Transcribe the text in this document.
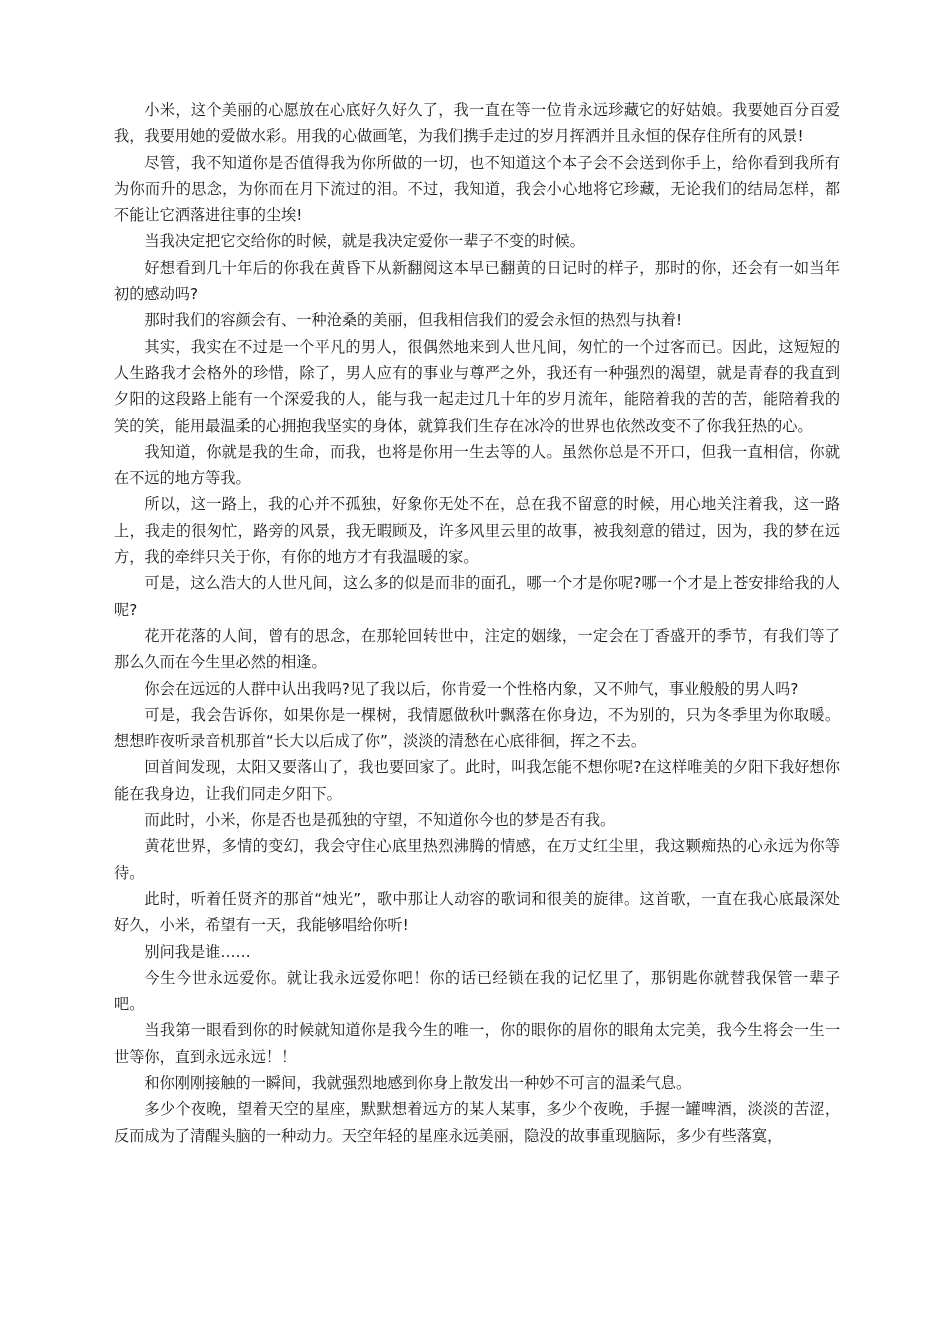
小米，这个美丽的心愿放在心底好久好久了，我一直在等一位肯永远珍藏它的好姑娘。我要她百分百爱我，我要用她的爱做水彩。用我的心做画笔，为我们携手走过的岁月挥洒并且永恒的保存住所有的风景!

尽管，我不知道你是否值得我为你所做的一切，也不知道这个本子会不会送到你手上，给你看到我所有为你而升的思念，为你而在月下流过的泪。不过，我知道，我会小心地将它珍藏，无论我们的结局怎样，都不能让它洒落进往事的尘埃!

当我决定把它交给你的时候，就是我决定爱你一辈子不变的时候。

好想看到几十年后的你我在黄昏下从新翻阅这本早已翻黄的日记时的样子，那时的你，还会有一如当年初的感动吗?

那时我们的容颜会有、一种沧桑的美丽，但我相信我们的爱会永恒的热烈与执着!

其实，我实在不过是一个平凡的男人，很偶然地来到人世凡间，匆忙的一个过客而已。因此，这短短的人生路我才会格外的珍惜，除了，男人应有的事业与尊严之外，我还有一种强烈的渴望，就是青春的我直到夕阳的这段路上能有一个深爱我的人，能与我一起走过几十年的岁月流年，能陪着我的苦的苦，能陪着我的笑的笑，能用最温柔的心拥抱我坚实的身体，就算我们生存在冰冷的世界也依然改变不了你我狂热的心。

我知道，你就是我的生命，而我，也将是你用一生去等的人。虽然你总是不开口，但我一直相信，你就在不远的地方等我。

所以，这一路上，我的心并不孤独，好象你无处不在，总在我不留意的时候，用心地关注着我，这一路上，我走的很匆忙，路旁的风景，我无暇顾及，许多风里云里的故事，被我刻意的错过，因为，我的梦在远方，我的牵绊只关于你，有你的地方才有我温暖的家。

可是，这么浩大的人世凡间，这么多的似是而非的面孔，哪一个才是你呢?哪一个才是上苍安排给我的人呢?

花开花落的人间，曾有的思念，在那轮回转世中，注定的姻缘，一定会在丁香盛开的季节，有我们等了那么久而在今生里必然的相逢。

你会在远远的人群中认出我吗?见了我以后，你肯爱一个性格内象，又不帅气，事业般般的男人吗?

可是，我会告诉你，如果你是一棵树，我情愿做秋叶飘落在你身边，不为别的，只为冬季里为你取暖。想想昨夜听录音机那首“长大以后成了你”，淡淡的清愁在心底徘徊，挥之不去。

回首间发现，太阳又要落山了，我也要回家了。此时，叫我怎能不想你呢?在这样唯美的夕阳下我好想你能在我身边，让我们同走夕阳下。

而此时，小米，你是否也是孤独的守望，不知道你今也的梦是否有我。

黄花世界，多情的变幻，我会守住心底里热烈沸腾的情感，在万丈红尘里，我这颗痴热的心永远为你等待。

此时，听着任贤齐的那首“烛光”，歌中那让人动容的歌词和很美的旋律。这首歌，一直在我心底最深处好久，小米，希望有一天，我能够唱给你听!

别问我是谁……

今生今世永远爱你。就让我永远爱你吧！你的话已经锁在我的记忆里了，那钥匙你就替我保管一辈子吧。

当我第一眼看到你的时候就知道你是我今生的唯一，你的眼你的眉你的眼角太完美，我今生将会一生一世等你，直到永远永远！！

和你刚刚接触的一瞬间，我就强烈地感到你身上散发出一种妙不可言的温柔气息。

多少个夜晚，望着天空的星座，默默想着远方的某人某事，多少个夜晚，手握一罐啤酒，淡淡的苦涩，反而成为了清醒头脑的一种动力。天空年轻的星座永远美丽，隐没的故事重现脑际，多少有些落寞，
